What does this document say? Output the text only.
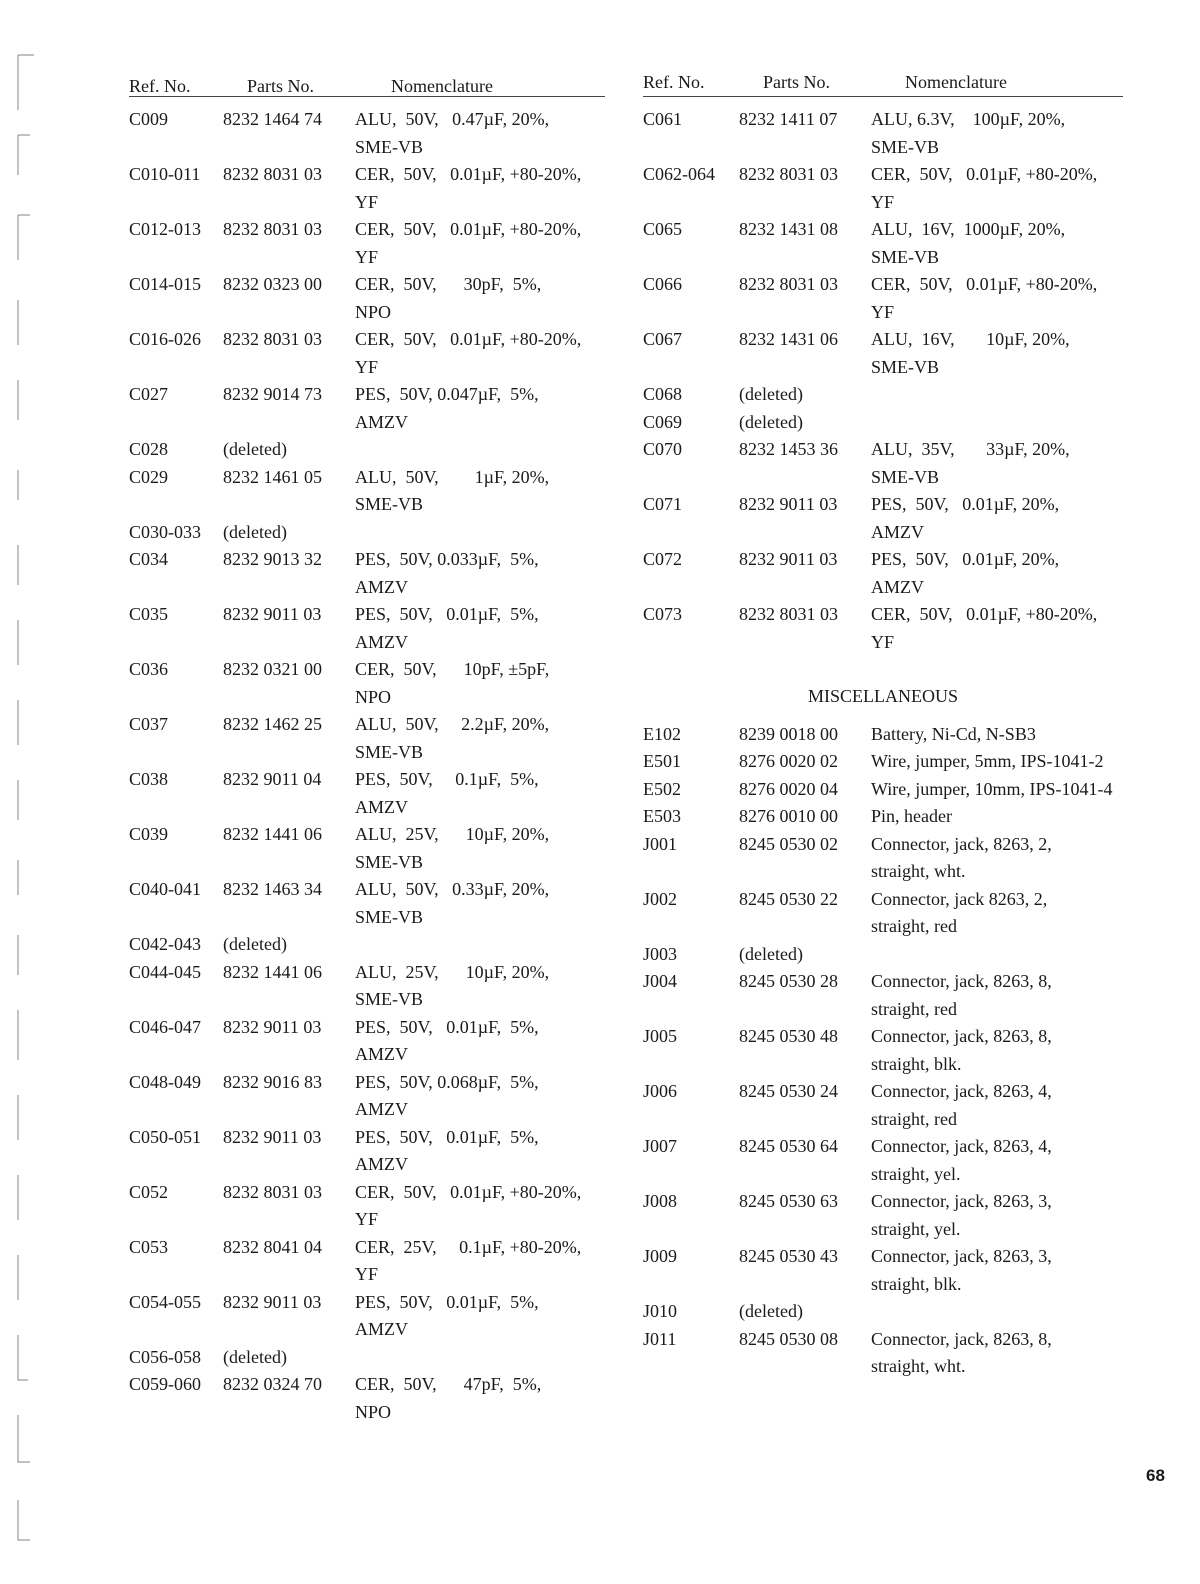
Ref. No.	Parts No.	Nomenclature
C009	8232 1464 74	ALU,  50V,   0.47µF, 20%,
SME-VB
C010-011	8232 8031 03	CER,  50V,   0.01µF, +80-20%,
YF
C012-013	8232 8031 03	CER,  50V,   0.01µF, +80-20%,
YF
C014-015	8232 0323 00	CER,  50V,      30pF,  5%,
NPO
C016-026	8232 8031 03	CER,  50V,   0.01µF, +80-20%,
YF
C027	8232 9014 73	PES,  50V, 0.047µF,  5%,
AMZV
C028	(deleted)
C029	8232 1461 05	ALU,  50V,        1µF, 20%,
SME-VB
C030-033	(deleted)
C034	8232 9013 32	PES,  50V, 0.033µF,  5%,
AMZV
C035	8232 9011 03	PES,  50V,   0.01µF,  5%,
AMZV
C036	8232 0321 00	CER,  50V,      10pF, ±5pF,
NPO
C037	8232 1462 25	ALU,  50V,     2.2µF, 20%,
SME-VB
C038	8232 9011 04	PES,  50V,     0.1µF,  5%,
AMZV
C039	8232 1441 06	ALU,  25V,      10µF, 20%,
SME-VB
C040-041	8232 1463 34	ALU,  50V,   0.33µF, 20%,
SME-VB
C042-043	(deleted)
C044-045	8232 1441 06	ALU,  25V,      10µF, 20%,
SME-VB
C046-047	8232 9011 03	PES,  50V,   0.01µF,  5%,
AMZV
C048-049	8232 9016 83	PES,  50V, 0.068µF,  5%,
AMZV
C050-051	8232 9011 03	PES,  50V,   0.01µF,  5%,
AMZV
C052	8232 8031 03	CER,  50V,   0.01µF, +80-20%,
YF
C053	8232 8041 04	CER,  25V,     0.1µF, +80-20%,
YF
C054-055	8232 9011 03	PES,  50V,   0.01µF,  5%,
AMZV
C056-058	(deleted)
C059-060	8232 0324 70	CER,  50V,      47pF,  5%,
NPO
Ref. No.	Parts No.	Nomenclature
C061	8232 1411 07	ALU, 6.3V,    100µF, 20%,
SME-VB
C062-064	8232 8031 03	CER,  50V,   0.01µF, +80-20%,
YF
C065	8232 1431 08	ALU,  16V,  1000µF, 20%,
SME-VB
C066	8232 8031 03	CER,  50V,   0.01µF, +80-20%,
YF
C067	8232 1431 06	ALU,  16V,       10µF, 20%,
SME-VB
C068	(deleted)
C069	(deleted)
C070	8232 1453 36	ALU,  35V,       33µF, 20%,
SME-VB
C071	8232 9011 03	PES,  50V,   0.01µF, 20%,
AMZV
C072	8232 9011 03	PES,  50V,   0.01µF, 20%,
AMZV
C073	8232 8031 03	CER,  50V,   0.01µF, +80-20%,
YF
MISCELLANEOUS
E102	8239 0018 00	Battery, Ni-Cd, N-SB3
E501	8276 0020 02	Wire, jumper, 5mm, IPS-1041-2
E502	8276 0020 04	Wire, jumper, 10mm, IPS-1041-4
E503	8276 0010 00	Pin, header
J001	8245 0530 02	Connector, jack, 8263, 2,
straight, wht.
J002	8245 0530 22	Connector, jack 8263, 2,
straight, red
J003	(deleted)
J004	8245 0530 28	Connector, jack, 8263, 8,
straight, red
J005	8245 0530 48	Connector, jack, 8263, 8,
straight, blk.
J006	8245 0530 24	Connector, jack, 8263, 4,
straight, red
J007	8245 0530 64	Connector, jack, 8263, 4,
straight, yel.
J008	8245 0530 63	Connector, jack, 8263, 3,
straight, yel.
J009	8245 0530 43	Connector, jack, 8263, 3,
straight, blk.
J010	(deleted)
J011	8245 0530 08	Connector, jack, 8263, 8,
straight, wht.
68
